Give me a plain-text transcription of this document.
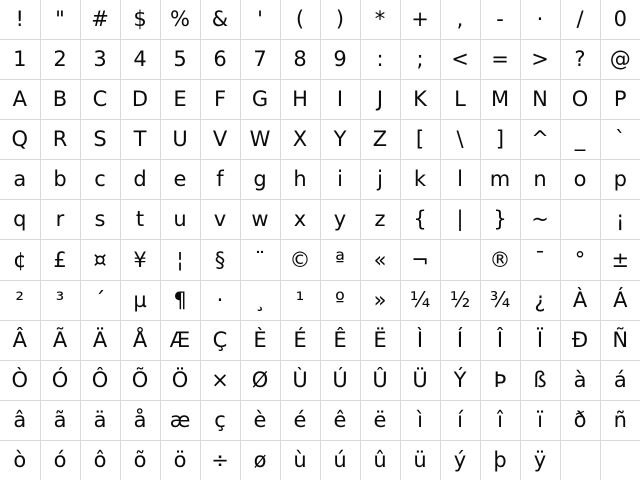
!	"	#	$	%	&	'	(	)	*	+	,	-	·	/	0
1	2	3	4	5	6	7	8	9	:	;	<	=	>	?	@
A	B	C	D	E	F	G	H	I	J	K	L	M	N	O	P
Q	R	S	T	U	V	W	X	Y	Z	[	\	]	^	_	`
a	b	c	d	e	f	g	h	i	j	k	l	m	n	o	p
q	r	s	t	u	v	w	x	y	z	{	|	}	~		¡
¢	£	¤	¥	¦	§	¨	©	ª	«	¬		®	¯	°	±
²	³	´	µ	¶	·	¸	¹	º	»	¼	½	¾	¿	À	Á
Â	Ã	Ä	Å	Æ	Ç	È	É	Ê	Ë	Ì	Í	Î	Ï	Ð	Ñ
Ò	Ó	Ô	Õ	Ö	×	Ø	Ù	Ú	Û	Ü	Ý	Þ	ß	à	á
â	ã	ä	å	æ	ç	è	é	ê	ë	ì	í	î	ï	ð	ñ
ò	ó	ô	õ	ö	÷	ø	ù	ú	û	ü	ý	þ	ÿ		
